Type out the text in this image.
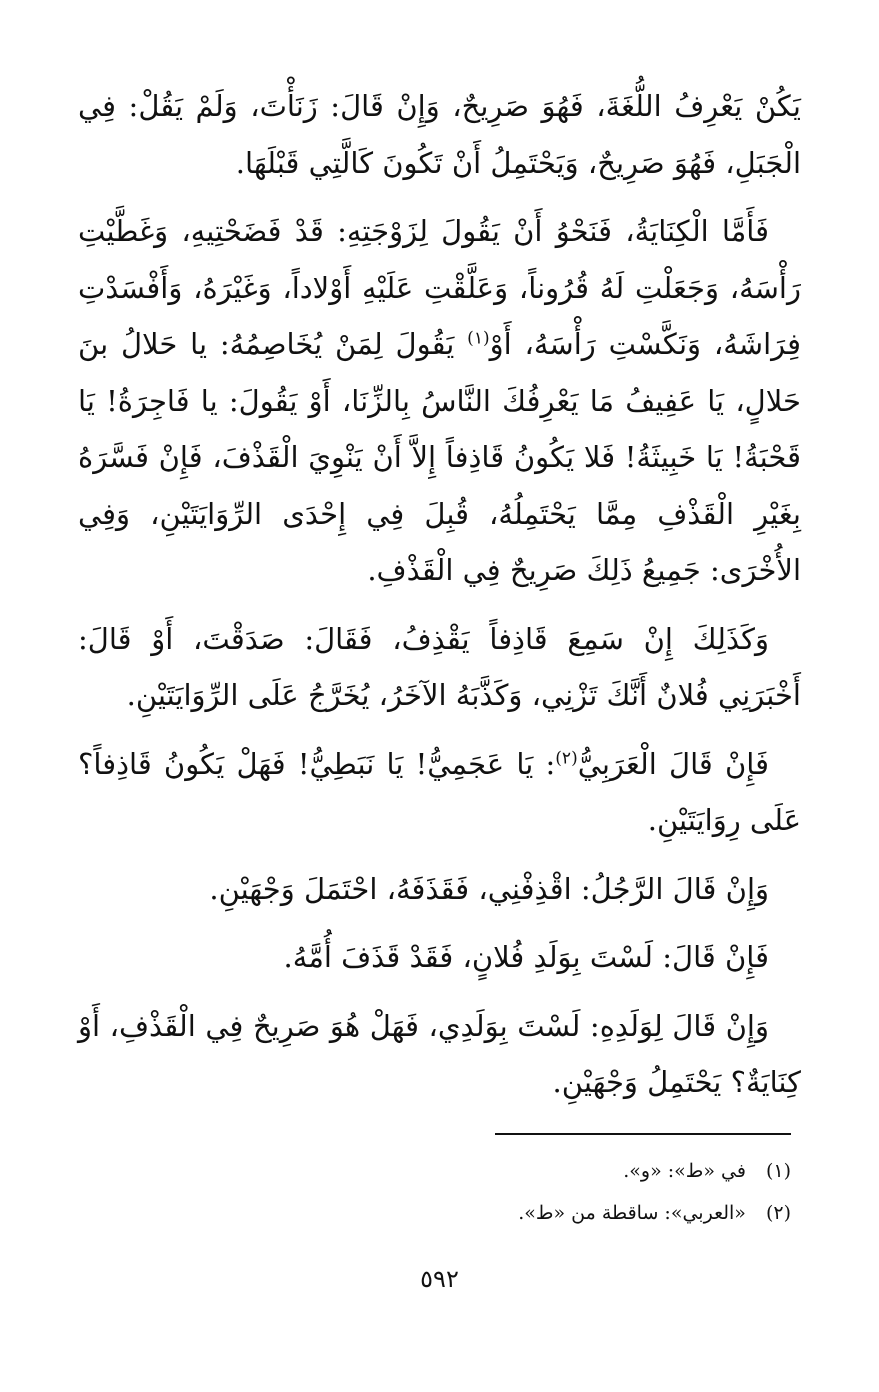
يَكُنْ يَعْرِفُ اللُّغَةَ، فَهُوَ صَرِيحٌ، وَإِنْ قَالَ: زَنَأْتَ، وَلَمْ يَقُلْ: فِي الْجَبَلِ، فَهُوَ صَرِيحٌ، وَيَحْتَمِلُ أَنْ تَكُونَ كَالَّتِي قَبْلَهَا.

فَأَمَّا الْكِنَايَةُ، فَنَحْوُ أَنْ يَقُولَ لِزَوْجَتِهِ: قَدْ فَضَحْتِيهِ، وَغَطَّيْتِ رَأْسَهُ، وَجَعَلْتِ لَهُ قُرُوناً، وَعَلَّقْتِ عَلَيْهِ أَوْلاداً، وَغَيْرَهُ، وَأَفْسَدْتِ فِرَاشَهُ، وَنَكَّسْتِ رَأْسَهُ، أَوْ$^{(١)}$ يَقُولَ لِمَنْ يُخَاصِمُهُ: يا حَلالُ بنَ حَلالٍ، يَا عَفِيفُ مَا يَعْرِفُكَ النَّاسُ بِالزِّنَا، أَوْ يَقُولَ: يا فَاجِرَةُ! يَا قَحْبَةُ! يَا خَبِيثَةُ! فَلا يَكُونُ قَاذِفاً إِلاَّ أَنْ يَنْوِيَ الْقَذْفَ، فَإِنْ فَسَّرَهُ بِغَيْرِ الْقَذْفِ مِمَّا يَحْتَمِلُهُ، قُبِلَ فِي إِحْدَى الرِّوَايَتَيْنِ، وَفِي الأُخْرَى: جَمِيعُ ذَلِكَ صَرِيحٌ فِي الْقَذْفِ.

وَكَذَلِكَ إِنْ سَمِعَ قَاذِفاً يَقْذِفُ، فَقَالَ: صَدَقْتَ، أَوْ قَالَ: أَخْبَرَنِي فُلانٌ أَنَّكَ تَزْنِي، وَكَذَّبَهُ الآخَرُ، يُخَرَّجُ عَلَى الرِّوَايَتَيْنِ.

فَإِنْ قَالَ الْعَرَبِيُّ$^{(٢)}$: يَا عَجَمِيُّ! يَا نَبَطِيُّ! فَهَلْ يَكُونُ قَاذِفاً؟ عَلَى رِوَايَتَيْنِ.

وَإِنْ قَالَ الرَّجُلُ: اقْذِفْنِي، فَقَذَفَهُ، احْتَمَلَ وَجْهَيْنِ.

فَإِنْ قَالَ: لَسْتَ بِوَلَدِ فُلانٍ، فَقَدْ قَذَفَ أُمَّهُ.

وَإِنْ قَالَ لِوَلَدِهِ: لَسْتَ بِوَلَدِي، فَهَلْ هُوَ صَرِيحٌ فِي الْقَذْفِ، أَوْ كِنَايَةٌ؟ يَحْتَمِلُ وَجْهَيْنِ.

(١)
في «ط»: «و».
(٢)
«العربي»: ساقطة من «ط».
٥٩٢
